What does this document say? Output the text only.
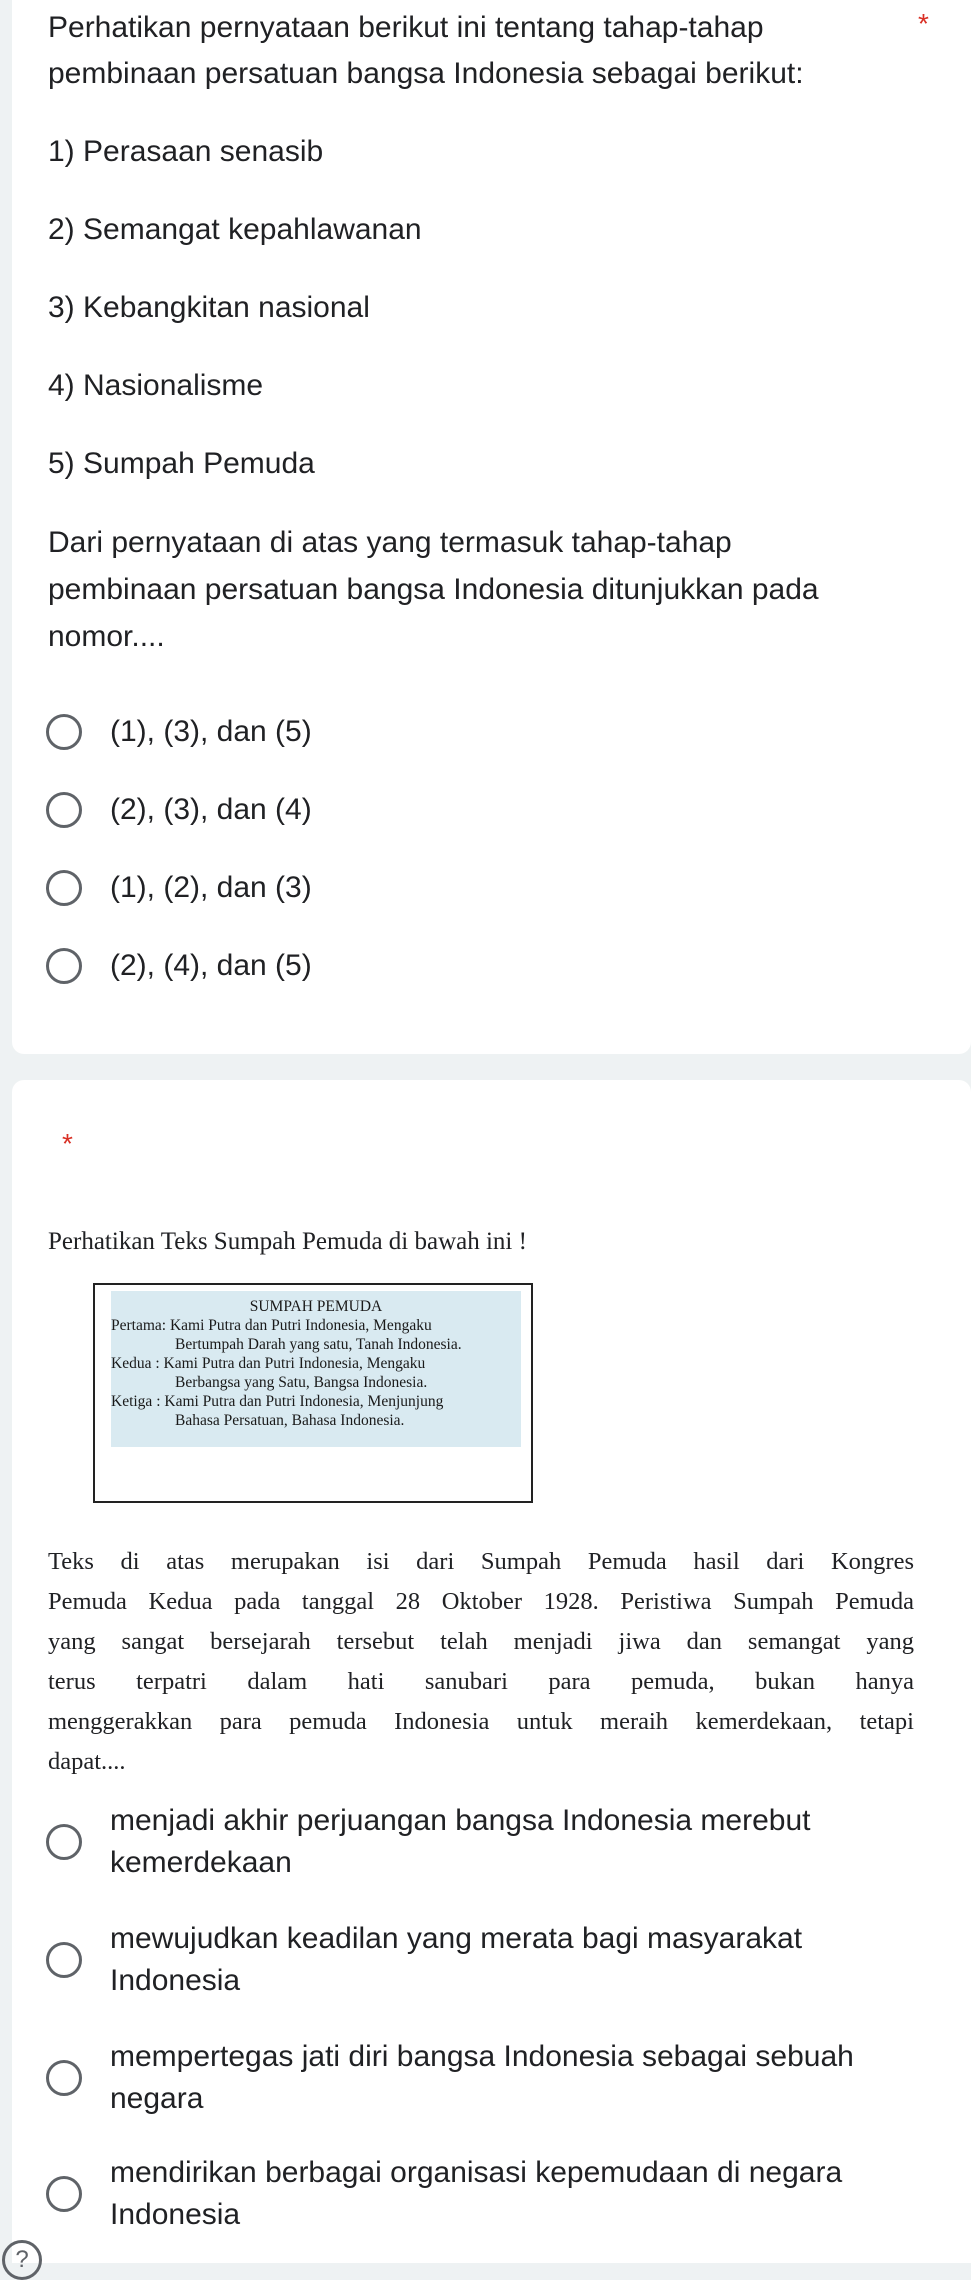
Perhatikan pernyataan berikut ini tentang tahap-tahap
pembinaan persatuan bangsa Indonesia sebagai berikut:
*
1) Perasaan senasib
2) Semangat kepahlawanan
3) Kebangkitan nasional
4) Nasionalisme
5) Sumpah Pemuda
Dari pernyataan di atas yang termasuk tahap-tahap
pembinaan persatuan bangsa Indonesia ditunjukkan pada
nomor....
(1), (3), dan (5)
(2), (3), dan (4)
(1), (2), dan (3)
(2), (4), dan (5)
*
Perhatikan Teks Sumpah Pemuda di bawah ini !
SUMPAH PEMUDA
Pertama: Kami Putra dan Putri Indonesia, Mengaku
Bertumpah Darah yang satu, Tanah Indonesia.
Kedua : Kami Putra dan Putri Indonesia, Mengaku
Berbangsa yang Satu, Bangsa Indonesia.
Ketiga : Kami Putra dan Putri Indonesia, Menjunjung
Bahasa Persatuan, Bahasa Indonesia.
Teks di atas merupakan isi dari Sumpah Pemuda hasil dari Kongres
Pemuda Kedua pada tanggal 28 Oktober 1928. Peristiwa Sumpah Pemuda
yang sangat bersejarah tersebut telah menjadi jiwa dan semangat yang
terus terpatri dalam hati sanubari para pemuda, bukan hanya
menggerakkan para pemuda Indonesia untuk meraih kemerdekaan, tetapi
dapat....
menjadi akhir perjuangan bangsa Indonesia merebut
kemerdekaan
mewujudkan keadilan yang merata bagi masyarakat
Indonesia
mempertegas jati diri bangsa Indonesia sebagai sebuah
negara
mendirikan berbagai organisasi kepemudaan di negara
Indonesia
?
